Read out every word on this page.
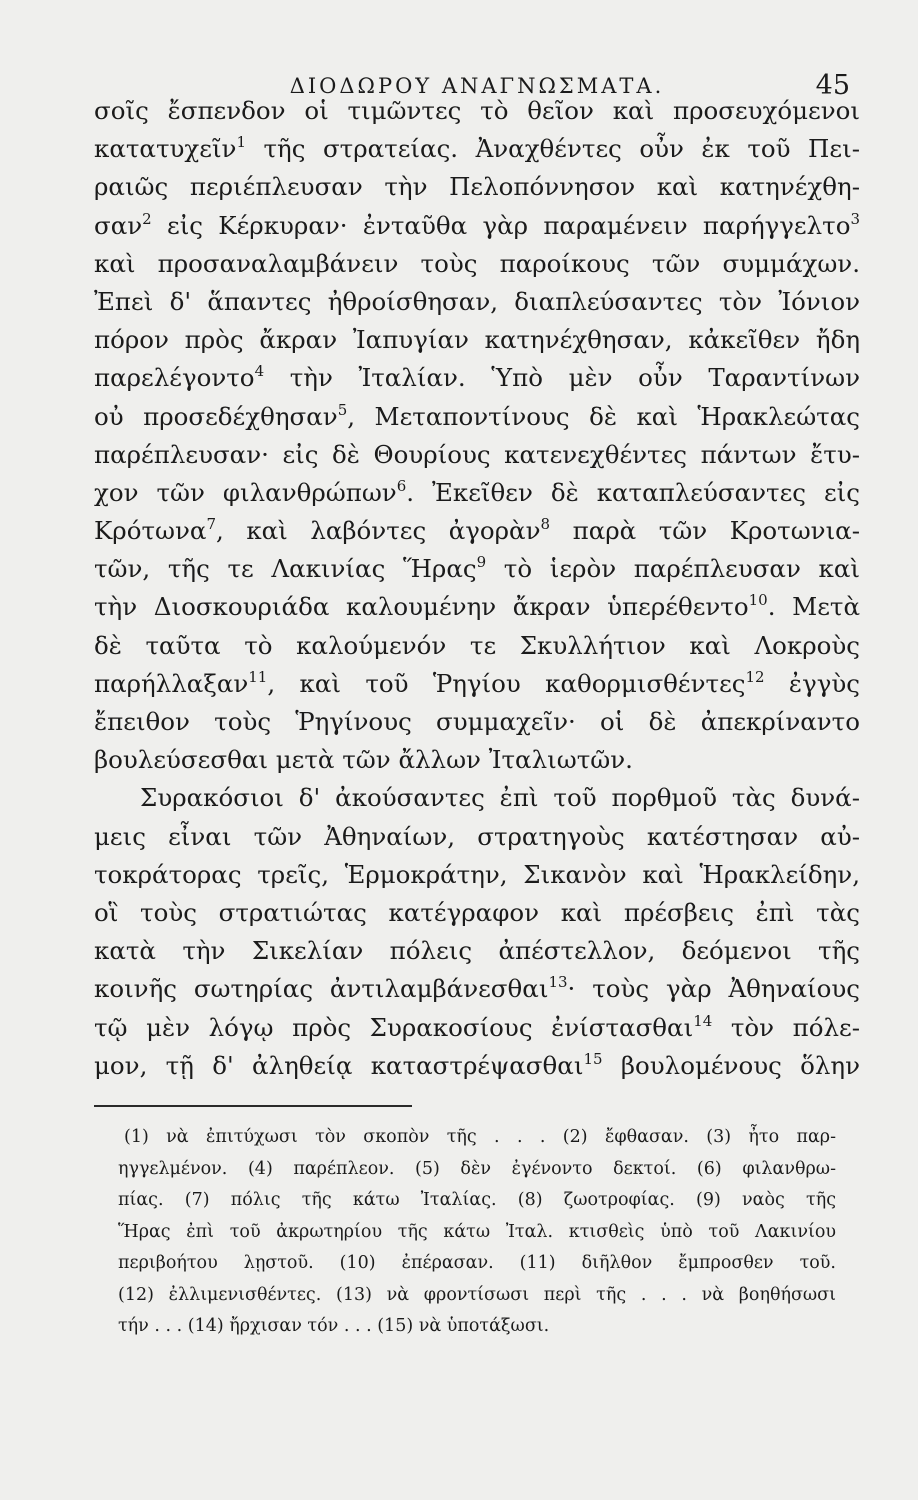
ΔΙΟΔΩΡΟΥ ΑΝΑΓΝΩΣΜΑΤΑ.	45
σοῖς ἔσπενδον οἱ τιμῶντες τὸ θεῖον καὶ προσευχόμενοι
κατατυχεῖν$^1$ τῆς στρατείας. Ἀναχθέντες οὖν ἐκ τοῦ Πει-
ραιῶς περιέπλευσαν τὴν Πελοπόννησον καὶ κατηνέχθη-
σαν$^2$ εἰς Κέρκυραν· ἐνταῦθα γὰρ παραμένειν παρήγγελτο$^3$
καὶ προσαναλαμβάνειν τοὺς παροίκους τῶν συμμάχων.
Ἐπεὶ δ' ἅπαντες ἠθροίσθησαν, διαπλεύσαντες τὸν Ἰόνιον
πόρον πρὸς ἄκραν Ἰαπυγίαν κατηνέχθησαν, κἀκεῖθεν ἤδη
παρελέγοντο$^4$ τὴν Ἰταλίαν. Ὑπὸ μὲν οὖν Ταραντίνων
οὐ προσεδέχθησαν$^5$, Μεταποντίνους δὲ καὶ Ἡρακλεώτας
παρέπλευσαν· εἰς δὲ Θουρίους κατενεχθέντες πάντων ἔτυ-
χον τῶν φιλανθρώπων$^6$. Ἐκεῖθεν δὲ καταπλεύσαντες εἰς
Κρότωνα$^7$, καὶ λαβόντες ἀγορὰν$^8$ παρὰ τῶν Κροτωνια-
τῶν, τῆς τε Λακινίας Ἥρας$^9$ τὸ ἱερὸν παρέπλευσαν καὶ
τὴν Διοσκουριάδα καλουμένην ἄκραν ὑπερέθεντο$^{10}$. Μετὰ
δὲ ταῦτα τὸ καλούμενόν τε Σκυλλήτιον καὶ Λοκροὺς
παρήλλαξαν$^{11}$, καὶ τοῦ Ῥηγίου καθορμισθέντες$^{12}$ ἐγγὺς
ἔπειθον τοὺς Ῥηγίνους συμμαχεῖν· οἱ δὲ ἀπεκρίναντο
βουλεύσεσθαι μετὰ τῶν ἄλλων Ἰταλιωτῶν.
Συρακόσιοι δ' ἀκούσαντες ἐπὶ τοῦ πορθμοῦ τὰς δυνά-
μεις εἶναι τῶν Ἀθηναίων, στρατηγοὺς κατέστησαν αὐ-
τοκράτορας τρεῖς, Ἑρμοκράτην, Σικανὸν καὶ Ἡρακλείδην,
οἳ τοὺς στρατιώτας κατέγραφον καὶ πρέσβεις ἐπὶ τὰς
κατὰ τὴν Σικελίαν πόλεις ἀπέστελλον, δεόμενοι τῆς
κοινῆς σωτηρίας ἀντιλαμβάνεσθαι$^{13}$· τοὺς γὰρ Ἀθηναίους
τῷ μὲν λόγῳ πρὸς Συρακοσίους ἐνίστασθαι$^{14}$ τὸν πόλε-
μον, τῇ δ' ἀληθείᾳ καταστρέψασθαι$^{15}$ βουλομένους ὅλην
(1) νὰ ἐπιτύχωσι τὸν σκοπὸν τῆς . . . (2) ἔφθασαν. (3) ἦτο παρ-
ηγγελμένον. (4) παρέπλεον. (5) δὲν ἐγένοντο δεκτοί. (6) φιλανθρω-
πίας. (7) πόλις τῆς κάτω Ἰταλίας. (8) ζωοτροφίας. (9) ναὸς τῆς
Ἥρας ἐπὶ τοῦ ἀκρωτηρίου τῆς κάτω Ἰταλ. κτισθεὶς ὑπὸ τοῦ Λακινίου
περιβοήτου λῃστοῦ. (10) ἐπέρασαν. (11) διῆλθον ἔμπροσθεν τοῦ.
(12) ἐλλιμενισθέντες. (13) νὰ φροντίσωσι περὶ τῆς . . . νὰ βοηθήσωσι
τήν . . . (14) ἤρχισαν τόν . . . (15) νὰ ὑποτάξωσι.
